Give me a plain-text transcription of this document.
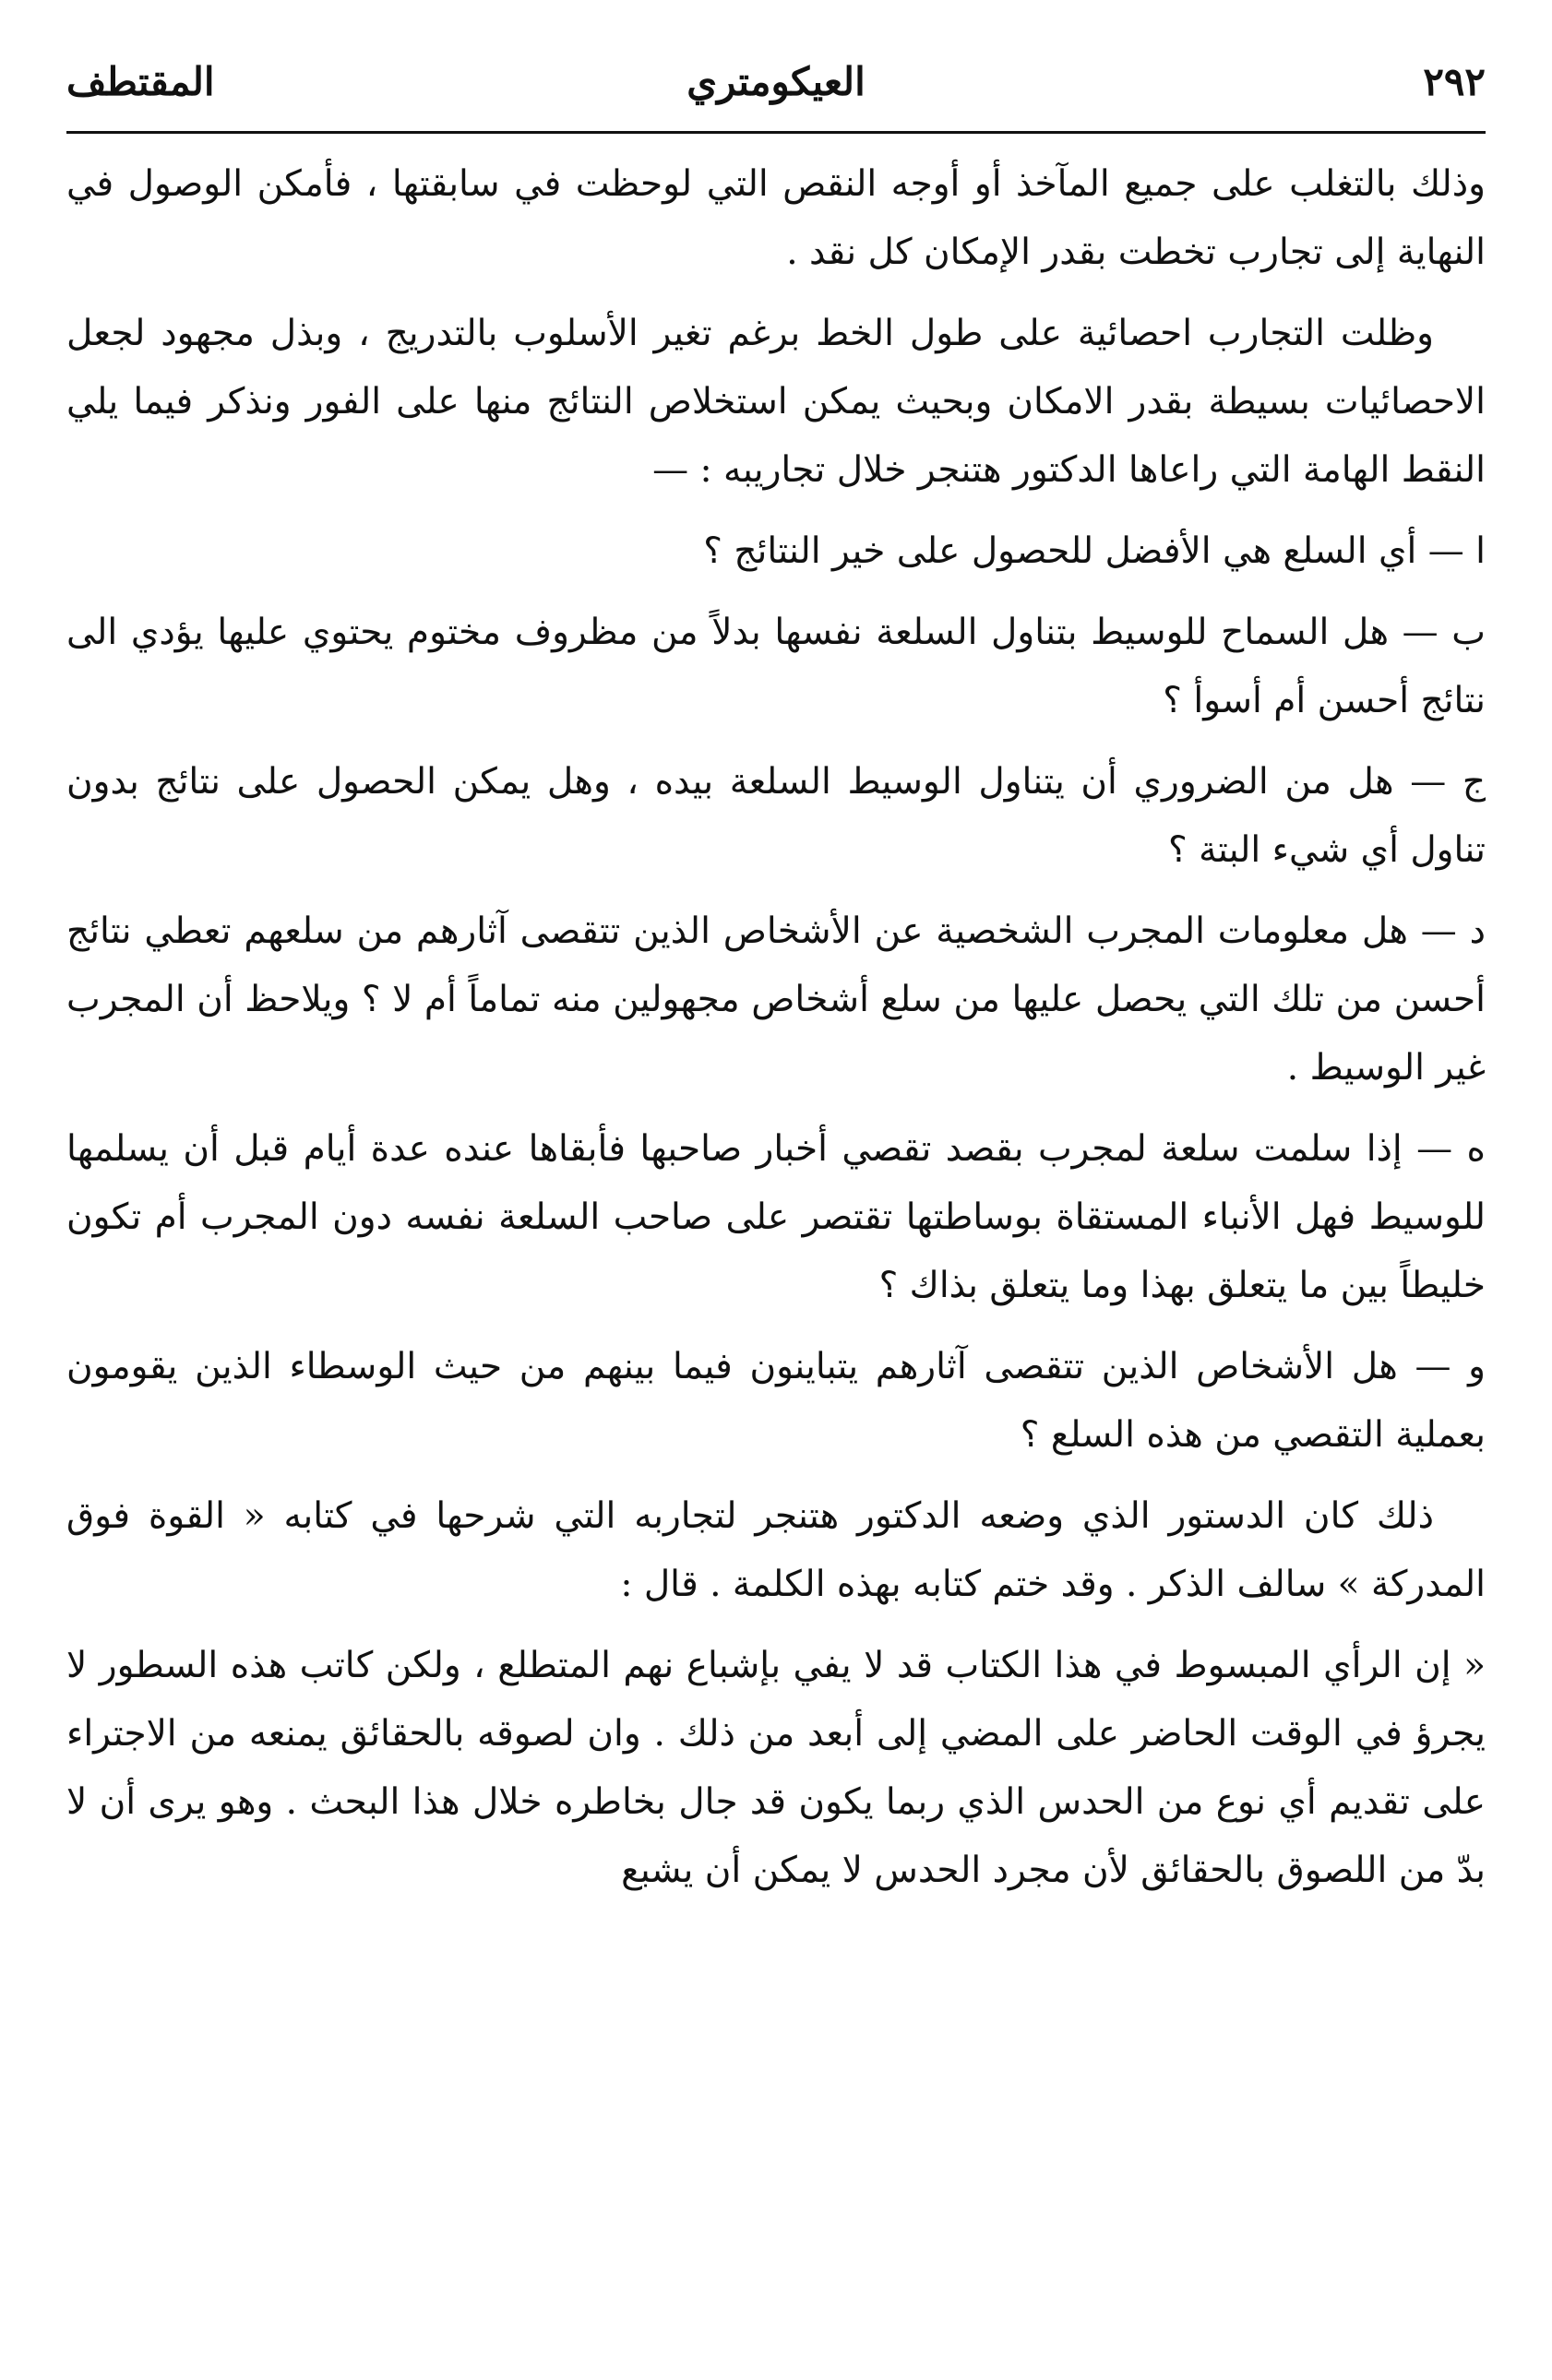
٢٩٢
العيكومتري
المقتطف

وذلك بالتغلب على جميع المآخذ أو أوجه النقص التي لوحظت في سابقتها ، فأمكن الوصول في النهاية إلى تجارب تخطت بقدر الإمكان كل نقد .

وظلت التجارب احصائية على طول الخط برغم تغير الأسلوب بالتدريج ، وبذل مجهود لجعل الاحصائيات بسيطة بقدر الامكان وبحيث يمكن استخلاص النتائج منها على الفور ونذكر فيما يلي النقط الهامة التي راعاها الدكتور هتنجر خلال تجاريبه : —

ا — أي السلع هي الأفضل للحصول على خير النتائج ؟

ب — هل السماح للوسيط بتناول السلعة نفسها بدلاً من مظروف مختوم يحتوي عليها يؤدي الى نتائج أحسن أم أسوأ ؟

ج — هل من الضروري أن يتناول الوسيط السلعة بيده ، وهل يمكن الحصول على نتائج بدون تناول أي شيء البتة ؟

د — هل معلومات المجرب الشخصية عن الأشخاص الذين تتقصى آثارهم من سلعهم تعطي نتائج أحسن من تلك التي يحصل عليها من سلع أشخاص مجهولين منه تماماً أم لا ؟ ويلاحظ أن المجرب غير الوسيط .

ه — إذا سلمت سلعة لمجرب بقصد تقصي أخبار صاحبها فأبقاها عنده عدة أيام قبل أن يسلمها للوسيط فهل الأنباء المستقاة بوساطتها تقتصر على صاحب السلعة نفسه دون المجرب أم تكون خليطاً بين ما يتعلق بهذا وما يتعلق بذاك ؟

و — هل الأشخاص الذين تتقصى آثارهم يتباينون فيما بينهم من حيث الوسطاء الذين يقومون بعملية التقصي من هذه السلع ؟

ذلك كان الدستور الذي وضعه الدكتور هتنجر لتجاربه التي شرحها في كتابه « القوة فوق المدركة » سالف الذكر . وقد ختم كتابه بهذه الكلمة . قال :

« إن الرأي المبسوط في هذا الكتاب قد لا يفي بإشباع نهم المتطلع ، ولكن كاتب هذه السطور لا يجرؤ في الوقت الحاضر على المضي إلى أبعد من ذلك . وان لصوقه بالحقائق يمنعه من الاجتراء على تقديم أي نوع من الحدس الذي ربما يكون قد جال بخاطره خلال هذا البحث . وهو يرى أن لا بدّ من اللصوق بالحقائق لأن مجرد الحدس لا يمكن أن يشبع
